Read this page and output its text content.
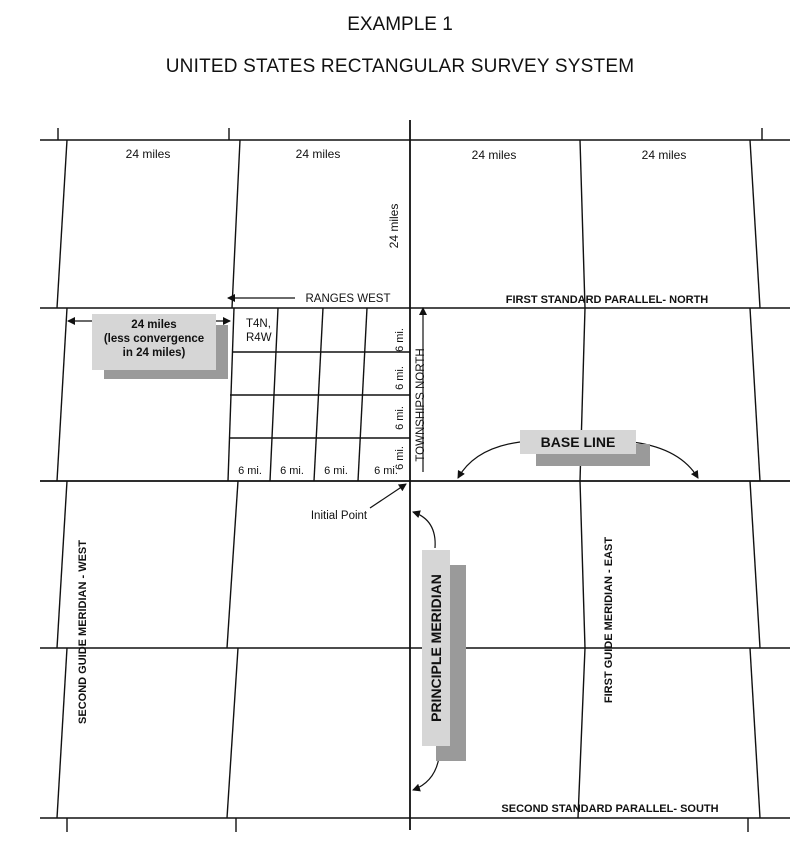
EXAMPLE 1
UNITED STATES RECTANGULAR SURVEY SYSTEM
24 miles	24 miles	24 miles	24 miles
24 miles
RANGES WEST	FIRST STANDARD PARALLEL- NORTH
24 miles
(less convergence
in 24 miles)
T4N,
R4W
6 mi. 6 mi. 6 mi. 6 mi.
6 mi.
6 mi.
6 mi.
6 mi. TOWNSHIPS NORTH	BASE LINE
Initial Point
PRINCIPLE MERIDIAN
SECOND GUIDE MERIDIAN - WEST	FIRST GUIDE MERIDIAN - EAST
SECOND STANDARD PARALLEL- SOUTH
